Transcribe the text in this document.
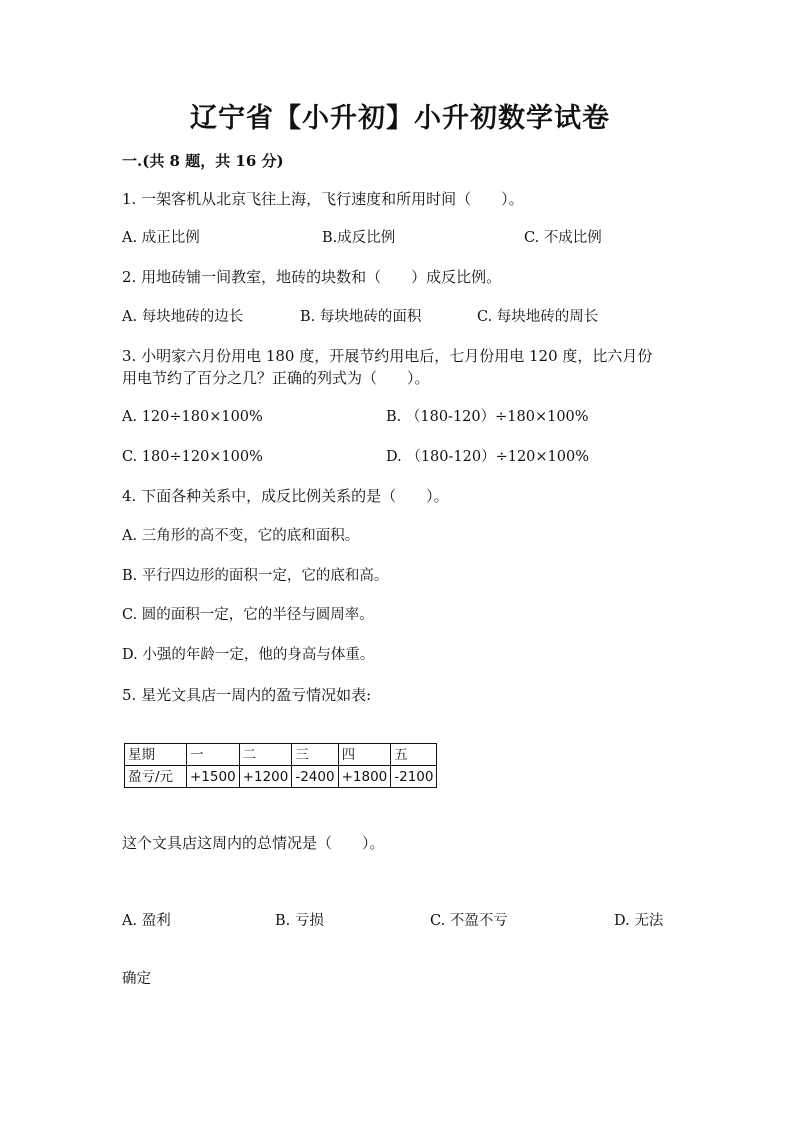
辽宁省【小升初】小升初数学试卷
一.(共 8 题，共 16 分)
1. 一架客机从北京飞往上海，飞行速度和所用时间（　　）。
A. 成正比例	B.成反比例	C. 不成比例
2. 用地砖铺一间教室，地砖的块数和（　　）成反比例。
A. 每块地砖的边长	B. 每块地砖的面积	C. 每块地砖的周长
3. 小明家六月份用电 180 度，开展节约用电后，七月份用电 120 度，比六月份
用电节约了百分之几？正确的列式为（　　）。
A. 120÷180×100%	B. （180-120）÷180×100%
C. 180÷120×100%	D. （180-120）÷120×100%
4. 下面各种关系中，成反比例关系的是（　　）。
A. 三角形的高不变，它的底和面积。
B. 平行四边形的面积一定，它的底和高。
C. 圆的面积一定，它的半径与圆周率。
D. 小强的年龄一定，他的身高与体重。
5. 星光文具店一周内的盈亏情况如表:
星期	一	二	三	四	五
盈亏/元	+1500	+1200	-2400	+1800	-2100
这个文具店这周内的总情况是（　　）。
A. 盈利	B. 亏损	C. 不盈不亏	D. 无法
确定
